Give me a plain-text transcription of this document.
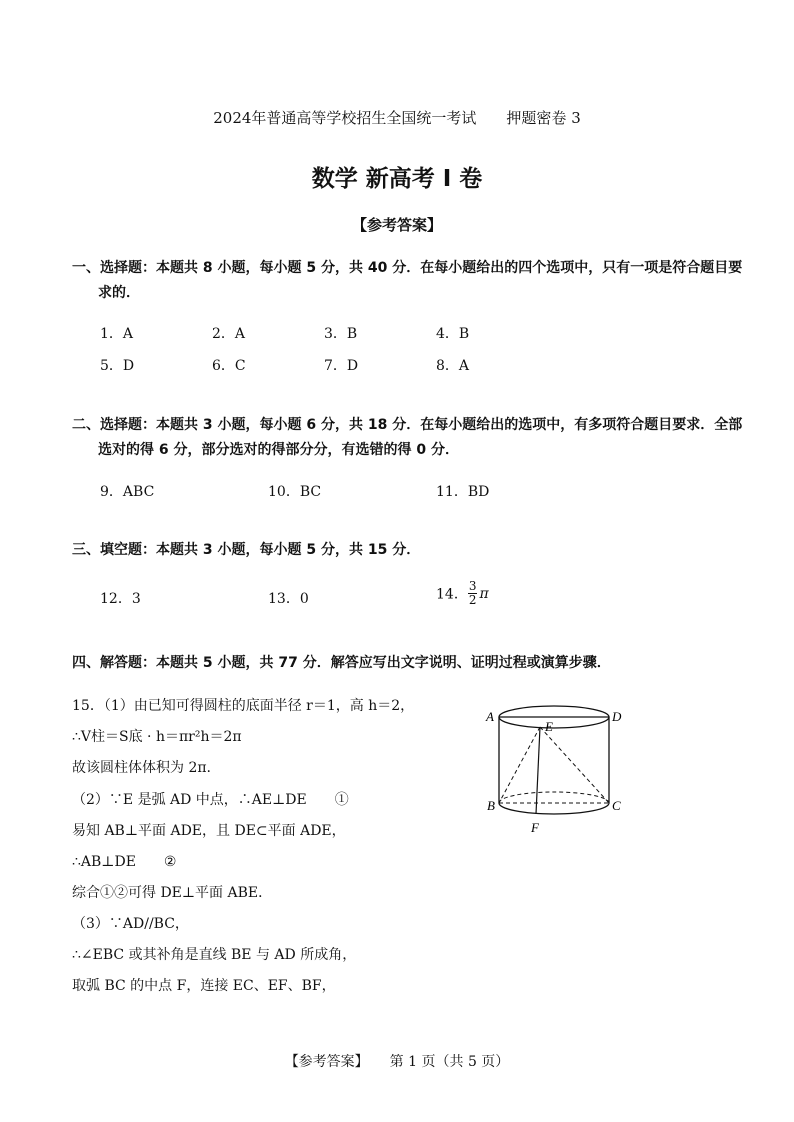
2024年普通高等学校招生全国统一考试　　押题密卷 3
数学 新高考 I 卷
【参考答案】
一、选择题：本题共 8 小题，每小题 5 分，共 40 分．在每小题给出的四个选项中，只有一项是符合题目要
求的．
1．A	2．A	3．B	4．B
5．D	6．C	7．D	8．A
二、选择题：本题共 3 小题，每小题 6 分，共 18 分．在每小题给出的选项中，有多项符合题目要求．全部
选对的得 6 分，部分选对的得部分分，有选错的得 0 分．
9．ABC	10．BC	11．BD
三、填空题：本题共 3 小题，每小题 5 分，共 15 分．
12．3	13．0	14． $\frac{3}{2}$ π
四、解答题：本题共 5 小题，共 77 分．解答应写出文字说明、证明过程或演算步骤．
15．（1）由已知可得圆柱的底面半径 r＝1，高 h＝2，
∴V柱＝S底 · h＝πr²h＝2π
故该圆柱体体积为 2π.
（2）∵E 是弧 AD 中点，∴AE⊥DE　　①
易知 AB⊥平面 ADE，且 DE⊂平面 ADE，
∴AB⊥DE　　②
综合①②可得 DE⊥平面 ABE．
（3）∵AD//BC，
∴∠EBC 或其补角是直线 BE 与 AD 所成角，
取弧 BC 的中点 F，连接 EC、EF、BF，
A	D
E
B	C
F
【参考答案】　　第 1 页（共 5 页）
